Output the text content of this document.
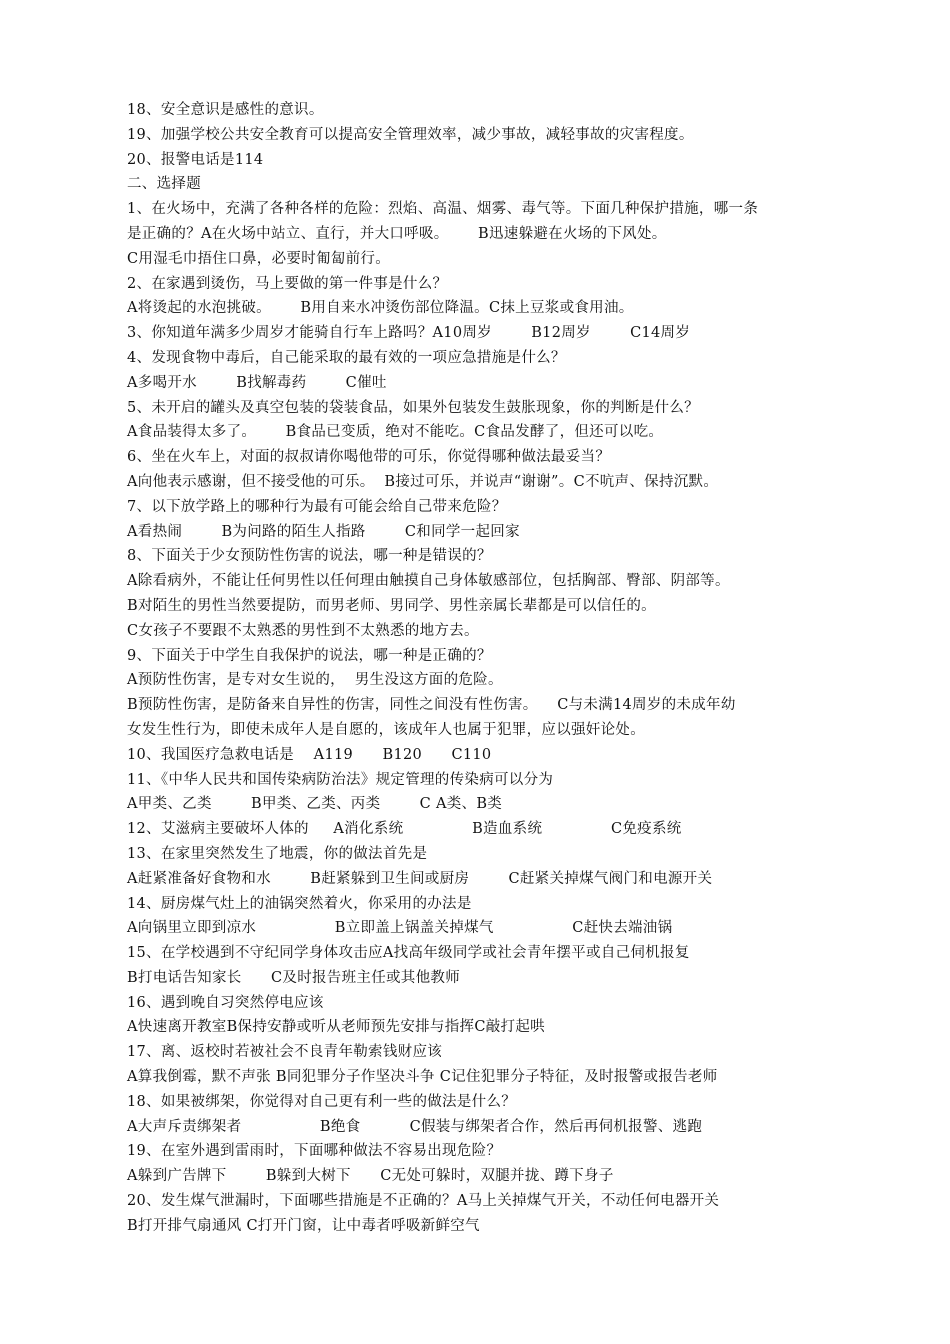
18、安全意识是感性的意识。
19、加强学校公共安全教育可以提高安全管理效率，减少事故，减轻事故的灾害程度。
20、报警电话是114
二、选择题
1、在火场中，充满了各种各样的危险：烈焰、高温、烟雾、毒气等。下面几种保护措施，哪一条
是正确的？A在火场中站立、直行，并大口呼吸。      B迅速躲避在火场的下风处。
C用湿毛巾捂住口鼻，必要时匍匐前行。
2、在家遇到烫伤，马上要做的第一件事是什么？
A将烫起的水泡挑破。      B用自来水冲烫伤部位降温。C抹上豆浆或食用油。
3、你知道年满多少周岁才能骑自行车上路吗？A10周岁        B12周岁        C14周岁
4、发现食物中毒后，自己能采取的最有效的一项应急措施是什么？
A多喝开水        B找解毒药        C催吐
5、未开启的罐头及真空包装的袋装食品，如果外包装发生鼓胀现象，你的判断是什么？
A食品装得太多了。      B食品已变质，绝对不能吃。C食品发酵了，但还可以吃。
6、坐在火车上，对面的叔叔请你喝他带的可乐，你觉得哪种做法最妥当？
A向他表示感谢，但不接受他的可乐。  B接过可乐，并说声“谢谢”。C不吭声、保持沉默。
7、以下放学路上的哪种行为最有可能会给自己带来危险？
A看热闹        B为问路的陌生人指路        C和同学一起回家
8、下面关于少女预防性伤害的说法，哪一种是错误的？
A除看病外，不能让任何男性以任何理由触摸自己身体敏感部位，包括胸部、臀部、阴部等。
B对陌生的男性当然要提防，而男老师、男同学、男性亲属长辈都是可以信任的。
C女孩子不要跟不太熟悉的男性到不太熟悉的地方去。
9、下面关于中学生自我保护的说法，哪一种是正确的？
A预防性伤害，是专对女生说的，  男生没这方面的危险。
B预防性伤害，是防备来自异性的伤害，同性之间没有性伤害。    C与未满14周岁的未成年幼
女发生性行为，即使未成年人是自愿的，该成年人也属于犯罪，应以强奸论处。
10、我国医疗急救电话是    A119      B120      C110
11、《中华人民共和国传染病防治法》规定管理的传染病可以分为
A甲类、乙类        B甲类、乙类、丙类        C A类、B类
12、艾滋病主要破坏人体的     A消化系统              B造血系统              C免疫系统
13、在家里突然发生了地震，你的做法首先是
A赶紧准备好食物和水        B赶紧躲到卫生间或厨房        C赶紧关掉煤气阀门和电源开关
14、厨房煤气灶上的油锅突然着火，你采用的办法是
A向锅里立即到凉水                B立即盖上锅盖关掉煤气                C赶快去端油锅
15、在学校遇到不守纪同学身体攻击应A找高年级同学或社会青年摆平或自己伺机报复
B打电话告知家长      C及时报告班主任或其他教师
16、遇到晚自习突然停电应该
A快速离开教室B保持安静或听从老师预先安排与指挥C敲打起哄
17、离、返校时若被社会不良青年勒索钱财应该
A算我倒霉，默不声张 B同犯罪分子作坚决斗争 C记住犯罪分子特征，及时报警或报告老师
18、如果被绑架，你觉得对自己更有利一些的做法是什么？
A大声斥责绑架者                B绝食          C假装与绑架者合作，然后再伺机报警、逃跑
19、在室外遇到雷雨时，下面哪种做法不容易出现危险？
A躲到广告牌下        B躲到大树下      C无处可躲时，双腿并拢、蹲下身子
20、发生煤气泄漏时，下面哪些措施是不正确的？A马上关掉煤气开关，不动任何电器开关
B打开排气扇通风 C打开门窗，让中毒者呼吸新鲜空气
